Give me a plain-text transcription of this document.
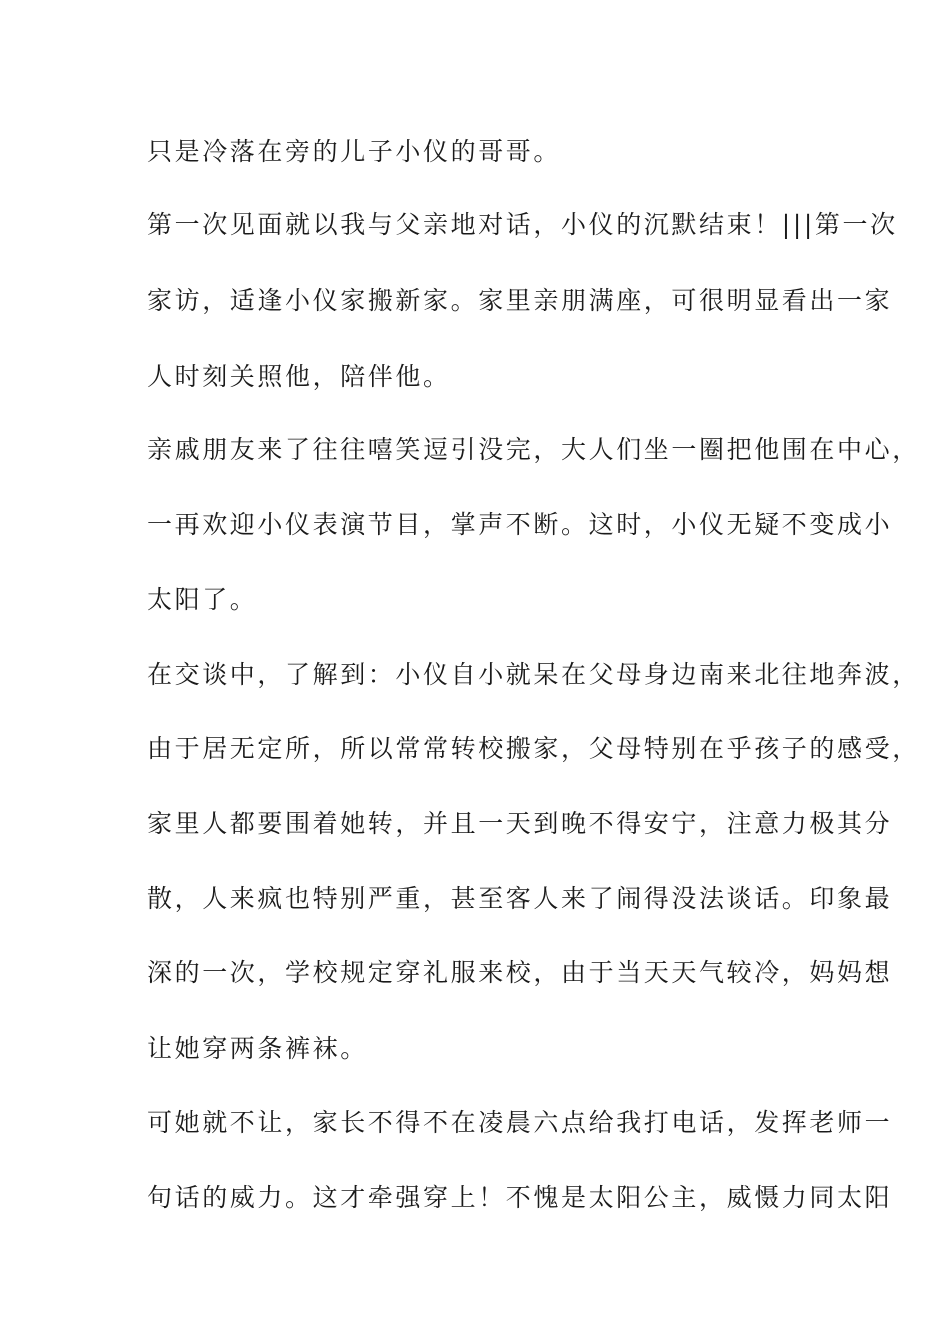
只是冷落在旁的儿子小仪的哥哥。
第一次见面就以我与父亲地对话，小仪的沉默结束！|||第一次
家访，适逢小仪家搬新家。家里亲朋满座，可很明显看出一家
人时刻关照他，陪伴他。
亲戚朋友来了往往嘻笑逗引没完，大人们坐一圈把他围在中心，
一再欢迎小仪表演节目，掌声不断。这时，小仪无疑不变成小
太阳了。
在交谈中，了解到：小仪自小就呆在父母身边南来北往地奔波，
由于居无定所，所以常常转校搬家，父母特别在乎孩子的感受，
家里人都要围着她转，并且一天到晚不得安宁，注意力极其分
散，人来疯也特别严重，甚至客人来了闹得没法谈话。印象最
深的一次，学校规定穿礼服来校，由于当天天气较冷，妈妈想
让她穿两条裤袜。
可她就不让，家长不得不在凌晨六点给我打电话，发挥老师一
句话的威力。这才牵强穿上！不愧是太阳公主，威慑力同太阳
